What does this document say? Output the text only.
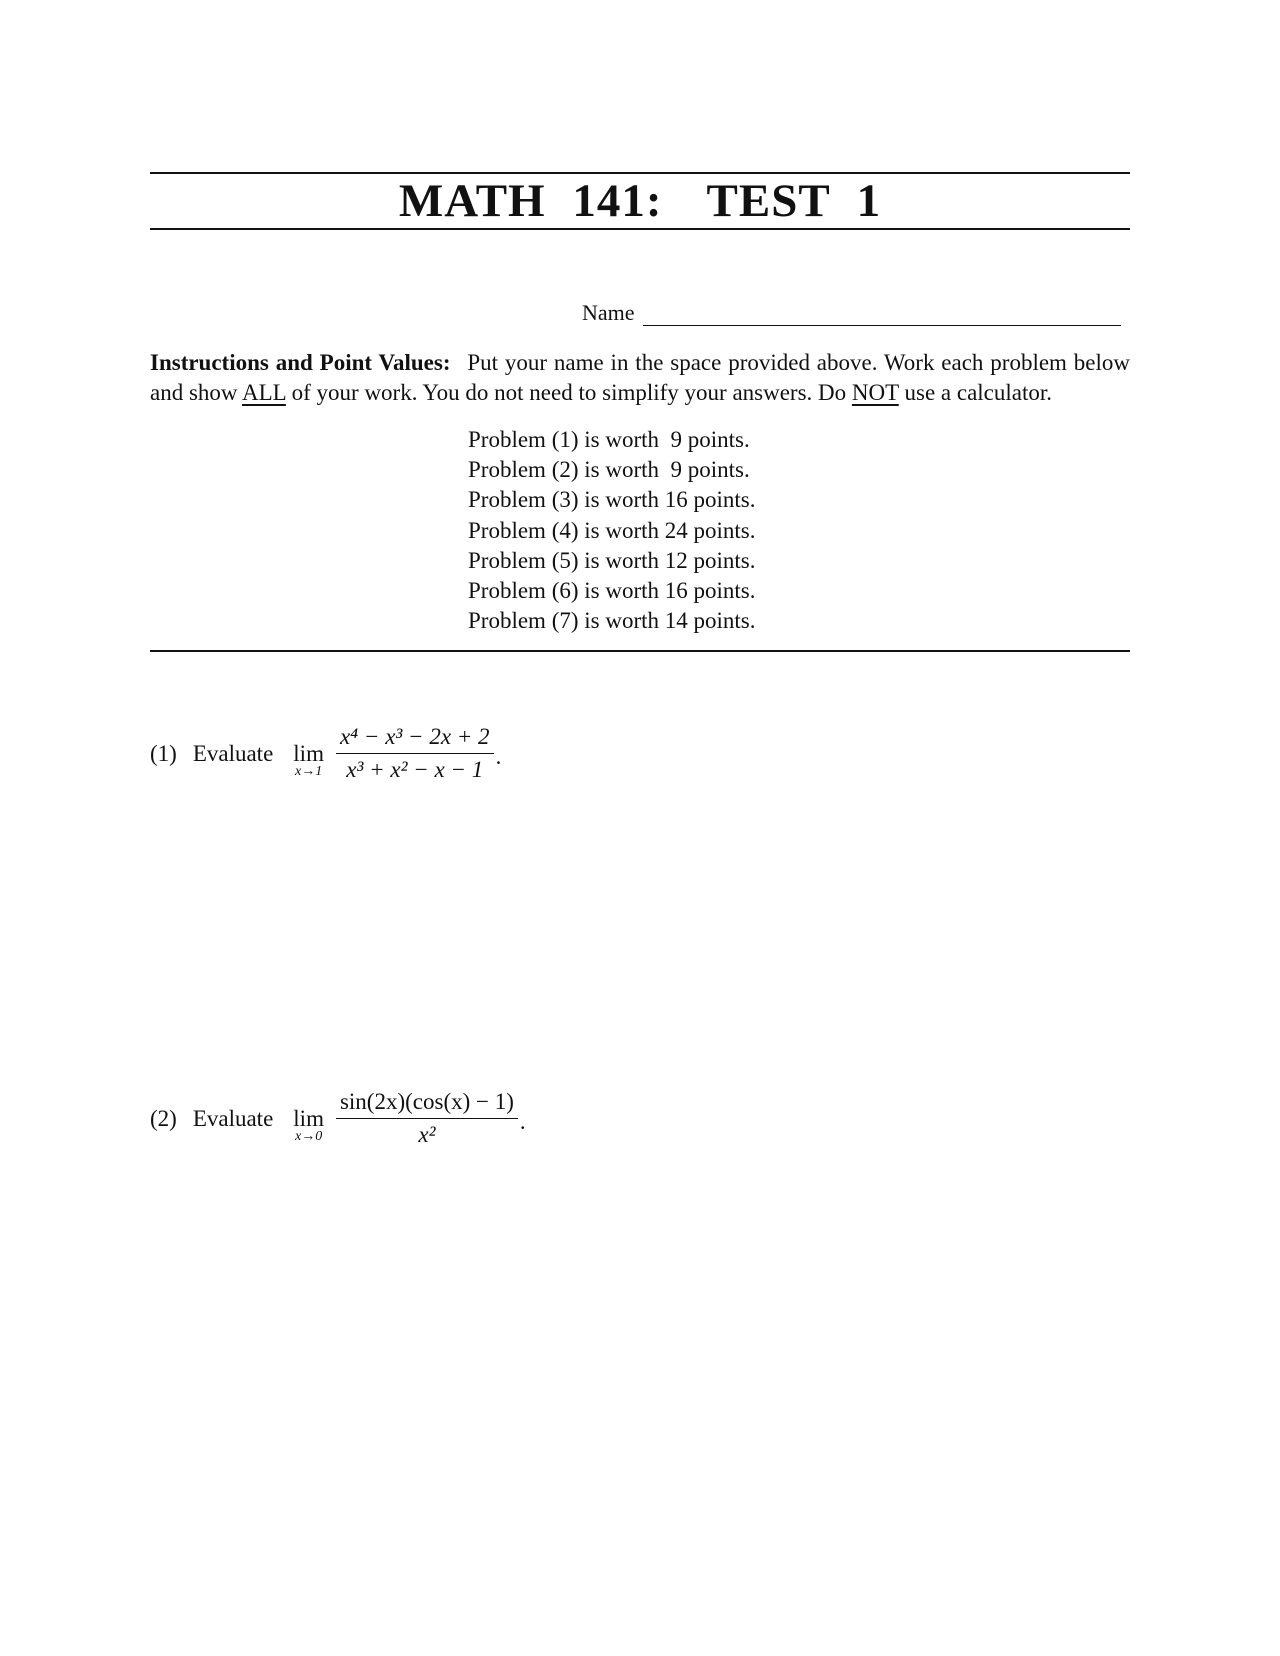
MATH 141: TEST 1
Name
Instructions and Point Values: Put your name in the space provided above. Work each problem below and show ALL of your work. You do not need to simplify your answers. Do NOT use a calculator.
Problem (1) is worth  9 points.
Problem (2) is worth  9 points.
Problem (3) is worth 16 points.
Problem (4) is worth 24 points.
Problem (5) is worth 12 points.
Problem (6) is worth 16 points.
Problem (7) is worth 14 points.
(1) Evaluate lim
$x\to 1 \frac{\text{x⁴ − x³ − 2x + 2}}{\text{x³ + x² − x − 1}}$ .
(2) Evaluate lim
$x\to 0 \frac{\sin(2x)(\cos(x) - 1)}{\text{x²}}$ .
